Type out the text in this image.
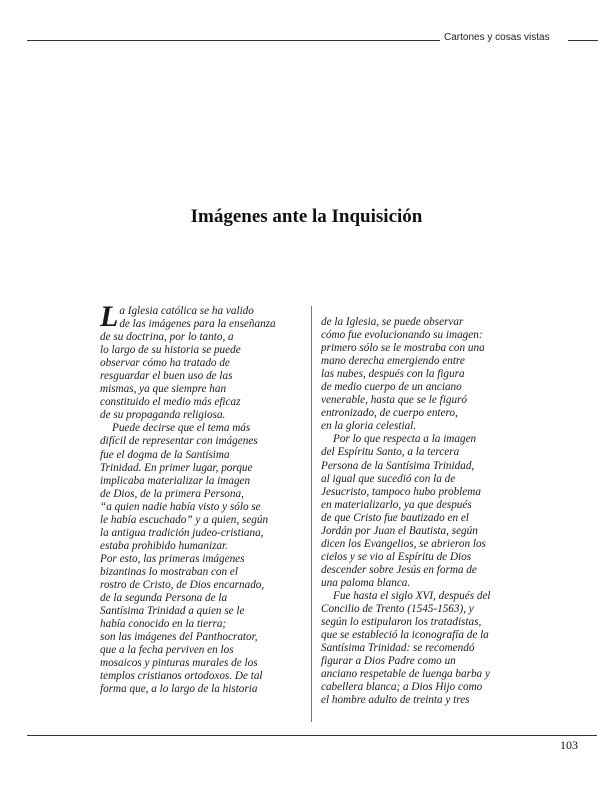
Cartones y cosas vistas
Imágenes ante la Inquisición
La Iglesia católica se ha valido
de las imágenes para la enseñanza
de su doctrina, por lo tanto, a
lo largo de su historia se puede
observar cómo ha tratado de
resguardar el buen uso de las
mismas, ya que siempre han
constituido el medio más eficaz
de su propaganda religiosa.
Puede decirse que el tema más
difícil de representar con imágenes
fue el dogma de la Santísima
Trinidad. En primer lugar, porque
implicaba materializar la imagen
de Dios, de la primera Persona,
“a quien nadie había visto y sólo se
le había escuchado” y a quien, según
la antigua tradición judeo-cristiana,
estaba prohibido humanizar.
Por esto, las primeras imágenes
bizantinas lo mostraban con el
rostro de Cristo, de Dios encarnado,
de la segunda Persona de la
Santísima Trinidad a quien se le
había conocido en la tierra;
son las imágenes del Panthocrator,
que a la fecha perviven en los
mosaicos y pinturas murales de los
templos cristianos ortodoxos. De tal
forma que, a lo largo de la historia
de la Iglesia, se puede observar
cómo fue evolucionando su imagen:
primero sólo se le mostraba con una
mano derecha emergiendo entre
las nubes, después con la figura
de medio cuerpo de un anciano
venerable, hasta que se le figuró
entronizado, de cuerpo entero,
en la gloria celestial.
Por lo que respecta a la imagen
del Espíritu Santo, a la tercera
Persona de la Santísima Trinidad,
al igual que sucedió con la de
Jesucristo, tampoco hubo problema
en materializarlo, ya que después
de que Cristo fue bautizado en el
Jordán por Juan el Bautista, según
dicen los Evangelios, se abrieron los
cielos y se vio al Espíritu de Dios
descender sobre Jesús en forma de
una paloma blanca.
Fue hasta el siglo XVI, después del
Concilio de Trento (1545-1563), y
según lo estipularon los tratadistas,
que se estableció la iconografía de la
Santísima Trinidad: se recomendó
figurar a Dios Padre como un
anciano respetable de luenga barba y
cabellera blanca; a Dios Hijo como
el hombre adulto de treinta y tres
103
